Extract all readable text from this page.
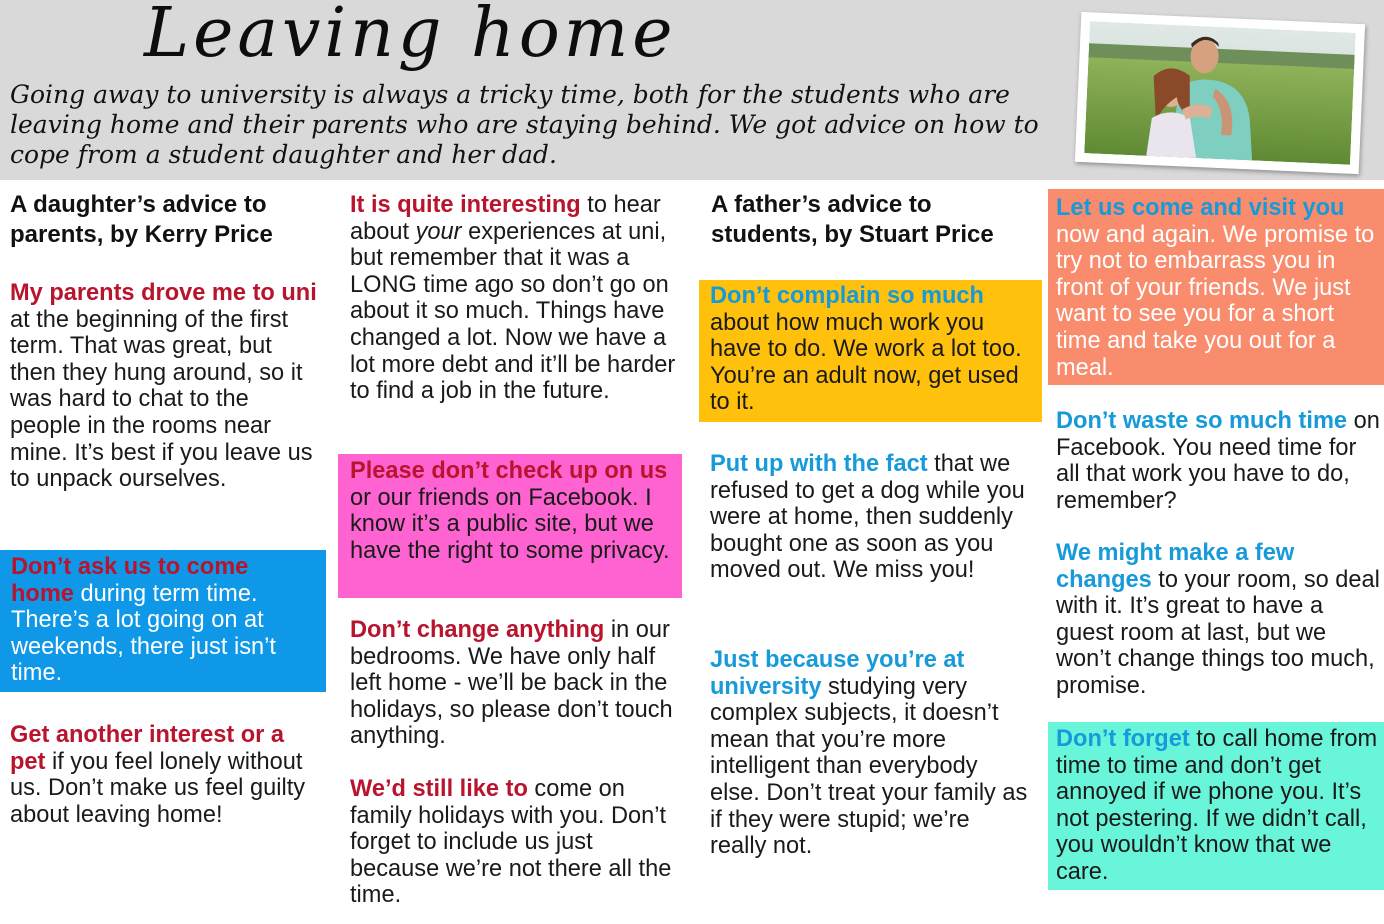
Leaving home
Going away to university is always a tricky time, both for the students who are leaving home and their parents who are staying behind. We got advice on how to cope from a student daughter and her dad.
A daughter’s advice to parents, by Kerry Price
My parents drove me to uni at the beginning of the first term. That was great, but then they hung around, so it was hard to chat to the people in the rooms near mine. It’s best if you leave us to unpack ourselves.
Don’t ask us to come home during term time. There’s a lot going on at weekends, there just isn’t time.
Get another interest or a pet if you feel lonely without us. Don’t make us feel guilty about leaving home!
It is quite interesting to hear about your experiences at uni, but remember that it was a LONG time ago so don’t go on about it so much. Things have changed a lot. Now we have a lot more debt and it’ll be harder to find a job in the future.
Please don’t check up on us or our friends on Facebook. I know it’s a public site, but we have the right to some privacy.
Don’t change anything in our bedrooms. We have only half left home - we’ll be back in the holidays, so please don’t touch anything.
We’d still like to come on family holidays with you. Don’t forget to include us just because we’re not there all the time.
A father’s advice to students, by Stuart Price
Don’t complain so much about how much work you have to do. We work a lot too. You’re an adult now, get used to it.
Put up with the fact that we refused to get a dog while you were at home, then suddenly bought one as soon as you moved out. We miss you!
Just because you’re at university studying very complex subjects, it doesn’t mean that you’re more intelligent than everybody else. Don’t treat your family as if they were stupid; we’re really not.
Let us come and visit you now and again. We promise to try not to embarrass you in front of your friends. We just want to see you for a short time and take you out for a meal.
Don’t waste so much time on Facebook. You need time for all that work you have to do, remember?
We might make a few changes to your room, so deal with it. It’s great to have a guest room at last, but we won’t change things too much, promise.
Don’t forget to call home from time to time and don’t get annoyed if we phone you. It’s not pestering. If we didn’t call, you wouldn’t know that we care.
